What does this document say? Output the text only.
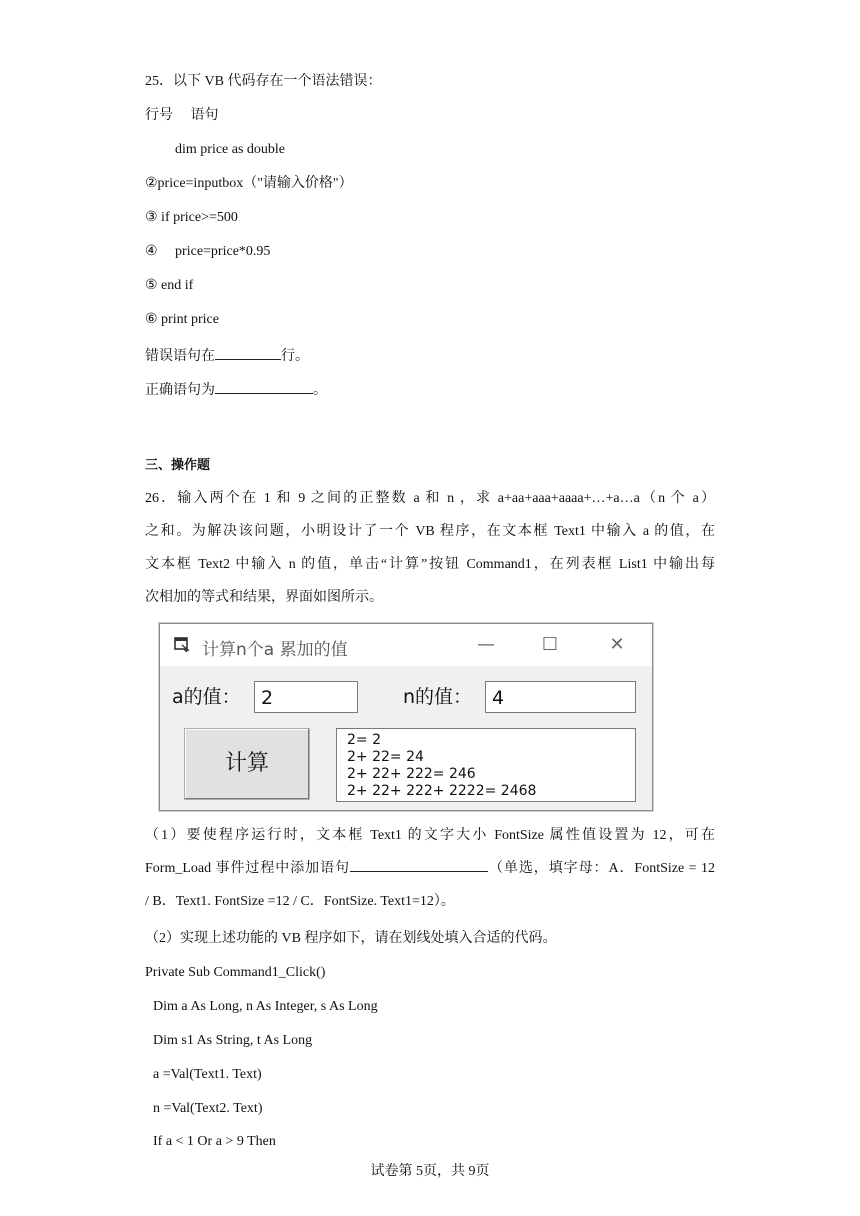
25．以下 VB 代码存在一个语法错误：
行号 　语句
dim price as double
②price=inputbox（"请输入价格"）
③ if price>=500
④ 　price=price*0.95
⑤ end if
⑥ print price
错误语句在	行。
正确语句为	。
三、操作题
26．输入两个在 1 和 9 之间的正整数 a 和 n ，求 a+aa+aaa+aaaa+…+a…a（n 个 a）
之和。为解决该问题，小明设计了一个 VB 程序，在文本框 Text1 中输入 a 的值，在
文本框 Text2 中输入 n 的值，单击“计算”按钮 Command1，在列表框 List1 中输出每
次相加的等式和结果，界面如图所示。
计算n个a 累加的值	—	☐	✕
a的值：	2	n的值：	4
计算
2= 2
2+ 22= 24
2+ 22+ 222= 246
2+ 22+ 222+ 2222= 2468
（1）要使程序运行时，文本框 Text1 的文字大小 FontSize 属性值设置为 12，可在
Form_Load 事件过程中添加语句	（单选，填字母：A．FontSize = 12
/ B．Text1. FontSize =12 / C．FontSize. Text1=12）。
（2）实现上述功能的 VB 程序如下，请在划线处填入合适的代码。
Private Sub Command1_Click()
Dim a As Long, n As Integer, s As Long
Dim s1 As String, t As Long
a =Val(Text1. Text)
n =Val(Text2. Text)
If a < 1 Or a > 9 Then
试卷第 5页，共 9页
